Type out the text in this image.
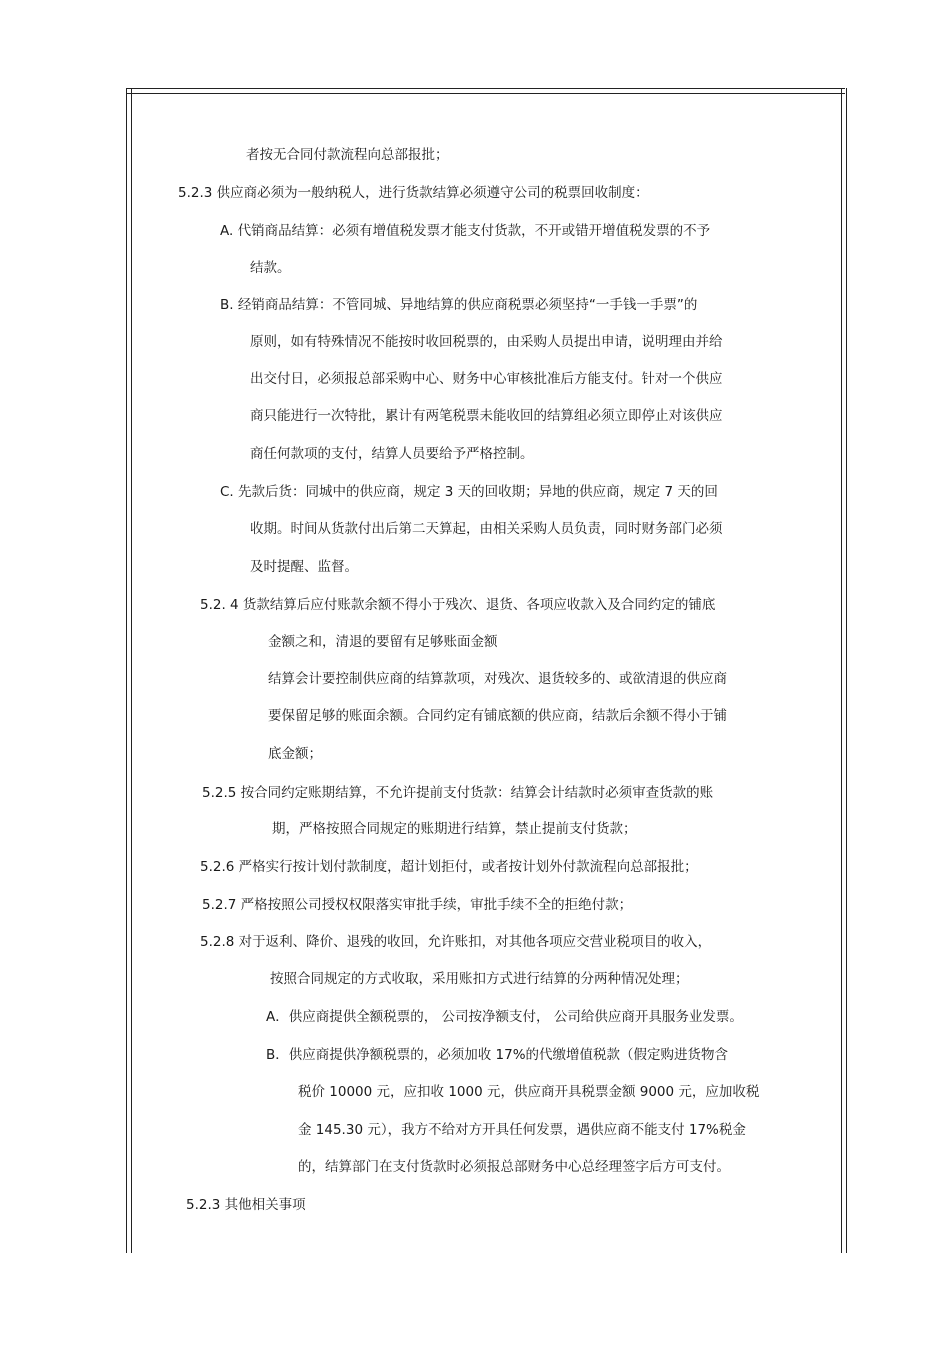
者按无合同付款流程向总部报批；
5.2.3 供应商必须为一般纳税人，进行货款结算必须遵守公司的税票回收制度：
A. 代销商品结算：必须有增值税发票才能支付货款，不开或错开增值税发票的不予
结款。
B. 经销商品结算：不管同城、异地结算的供应商税票必须坚持“一手钱一手票”的
原则，如有特殊情况不能按时收回税票的，由采购人员提出申请，说明理由并给
出交付日，必须报总部采购中心、财务中心审核批准后方能支付。针对一个供应
商只能进行一次特批，累计有两笔税票未能收回的结算组必须立即停止对该供应
商任何款项的支付，结算人员要给予严格控制。
C. 先款后货：同城中的供应商，规定 3 天的回收期；异地的供应商，规定 7 天的回
收期。时间从货款付出后第二天算起，由相关采购人员负责，同时财务部门必须
及时提醒、监督。
5.2. 4 货款结算后应付账款余额不得小于残次、退货、各项应收款入及合同约定的铺底
金额之和，清退的要留有足够账面金额
结算会计要控制供应商的结算款项，对残次、退货较多的、或欲清退的供应商
要保留足够的账面余额。合同约定有铺底额的供应商，结款后余额不得小于铺
底金额；
5.2.5 按合同约定账期结算，不允许提前支付货款：结算会计结款时必须审查货款的账
期，严格按照合同规定的账期进行结算，禁止提前支付货款；
5.2.6 严格实行按计划付款制度，超计划拒付，或者按计划外付款流程向总部报批；
5.2.7 严格按照公司授权权限落实审批手续，审批手续不全的拒绝付款；
5.2.8 对于返利、降价、退残的收回，允许账扣，对其他各项应交营业税项目的收入，
按照合同规定的方式收取，采用账扣方式进行结算的分两种情况处理；
A．供应商提供全额税票的， 公司按净额支付， 公司给供应商开具服务业发票。
B．供应商提供净额税票的，必须加收 17%的代缴增值税款（假定购进货物含
税价 10000 元，应扣收 1000 元，供应商开具税票金额 9000 元，应加收税
金 145.30 元），我方不给对方开具任何发票，遇供应商不能支付 17%税金
的，结算部门在支付货款时必须报总部财务中心总经理签字后方可支付。
5.2.3 其他相关事项
